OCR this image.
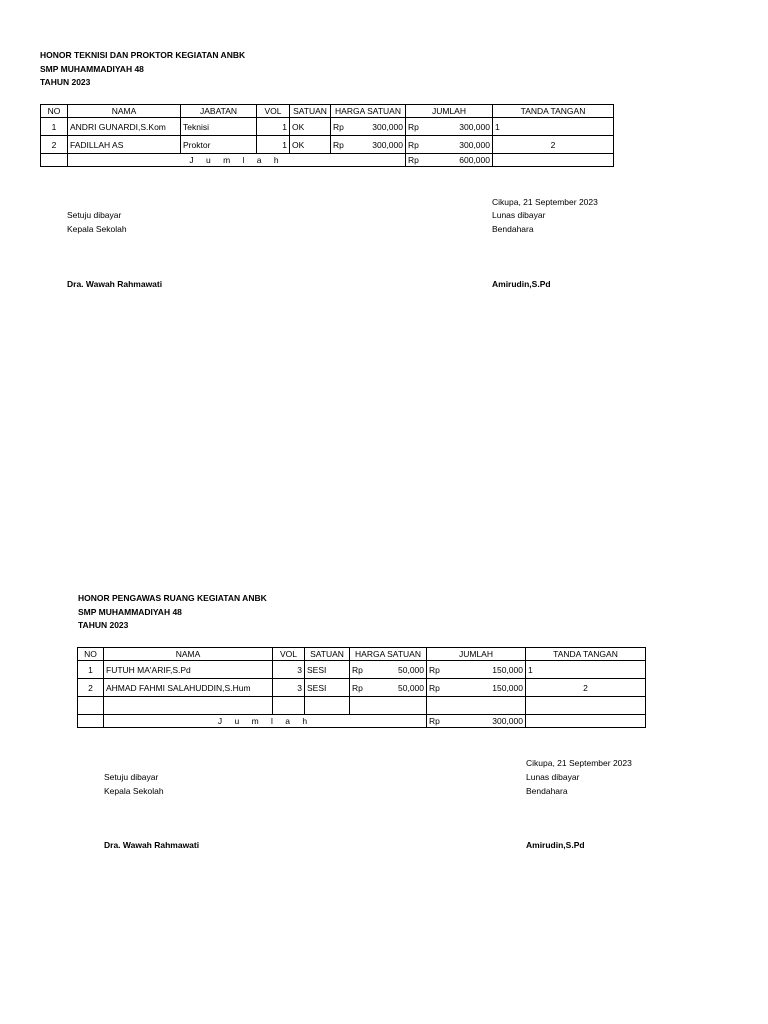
HONOR TEKNISI DAN PROKTOR KEGIATAN ANBK
SMP MUHAMMADIYAH 48
TAHUN 2023
NO	NAMA	JABATAN	VOL	SATUAN	HARGA SATUAN	JUMLAH	TANDA TANGAN
1	ANDRI GUNARDI,S.Kom	Teknisi	1	OK	Rp 300,000	Rp 300,000	1
2	FADILLAH AS	Proktor	1	OK	Rp 300,000	Rp 300,000	2
	J u m l a h					Rp 600,000	

Cikupa, 21 September 2023
Setuju dibayar	Lunas dibayar
Kepala Sekolah	Bendahara
Dra. Wawah Rahmawati	Amirudin,S.Pd
HONOR PENGAWAS RUANG KEGIATAN ANBK
SMP MUHAMMADIYAH 48
TAHUN 2023
NO	NAMA	VOL	SATUAN	HARGA SATUAN	JUMLAH	TANDA TANGAN
1	FUTUH MA'ARIF,S.Pd	3	SESI	Rp 50,000	Rp 150,000	1
2	AHMAD FAHMI SALAHUDDIN,S.Hum	3	SESI	Rp 50,000	Rp 150,000	2

	J u m l a h				Rp 300,000	

Cikupa, 21 September 2023
Setuju dibayar	Lunas dibayar
Kepala Sekolah	Bendahara
Dra. Wawah Rahmawati	Amirudin,S.Pd
